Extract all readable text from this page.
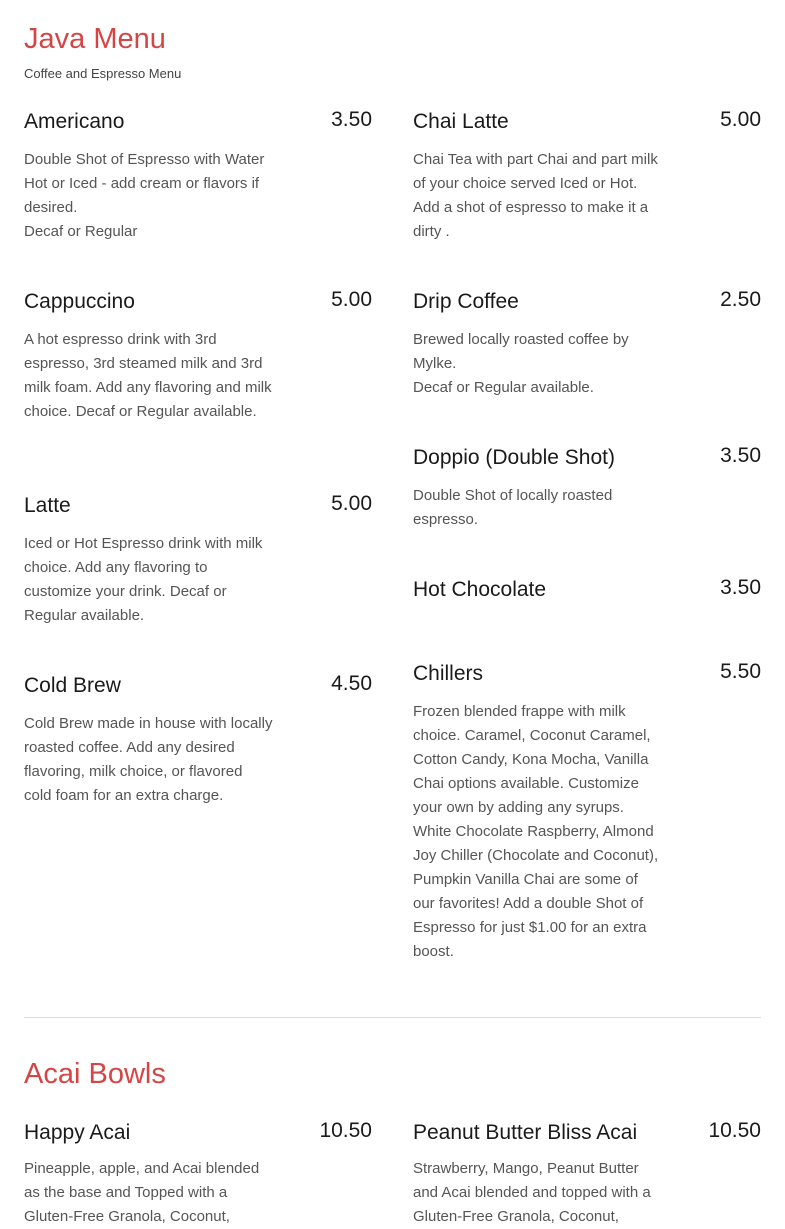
Java Menu

Coffee and Espresso Menu

Americano	3.50

Double Shot of Espresso with Water Hot or Iced - add cream or flavors if desired.

Decaf or Regular

Cappuccino	5.00

A hot espresso drink with 3rd espresso, 3rd steamed milk and 3rd milk foam. Add any flavoring and milk choice. Decaf or Regular available.

Latte	5.00

Iced or Hot Espresso drink with milk choice. Add any flavoring to customize your drink. Decaf or Regular available.

Cold Brew	4.50

Cold Brew made in house with locally roasted coffee. Add any desired flavoring, milk choice, or flavored cold foam for an extra charge.

Chai Latte	5.00

Chai Tea with part Chai and part milk of your choice served Iced or Hot. Add a shot of espresso to make it a dirty .

Drip Coffee	2.50

Brewed locally roasted coffee by Mylke.

Decaf or Regular available.

Doppio (Double Shot)	3.50

Double Shot of locally roasted espresso.

Hot Chocolate	3.50
Chillers	5.50

Frozen blended frappe with milk choice. Caramel, Coconut Caramel, Cotton Candy, Kona Mocha, Vanilla Chai options available. Customize your own by adding any syrups. White Chocolate Raspberry, Almond Joy Chiller (Chocolate and Coconut), Pumpkin Vanilla Chai are some of our favorites! Add a double Shot of Espresso for just $1.00 for an extra boost.

Acai Bowls
Happy Acai	10.50

Pineapple, apple, and Acai blended as the base and Topped with a Gluten-Free Granola, Coconut,

Peanut Butter Bliss Acai	10.50

Strawberry, Mango, Peanut Butter and Acai blended and topped with a Gluten-Free Granola, Coconut,
